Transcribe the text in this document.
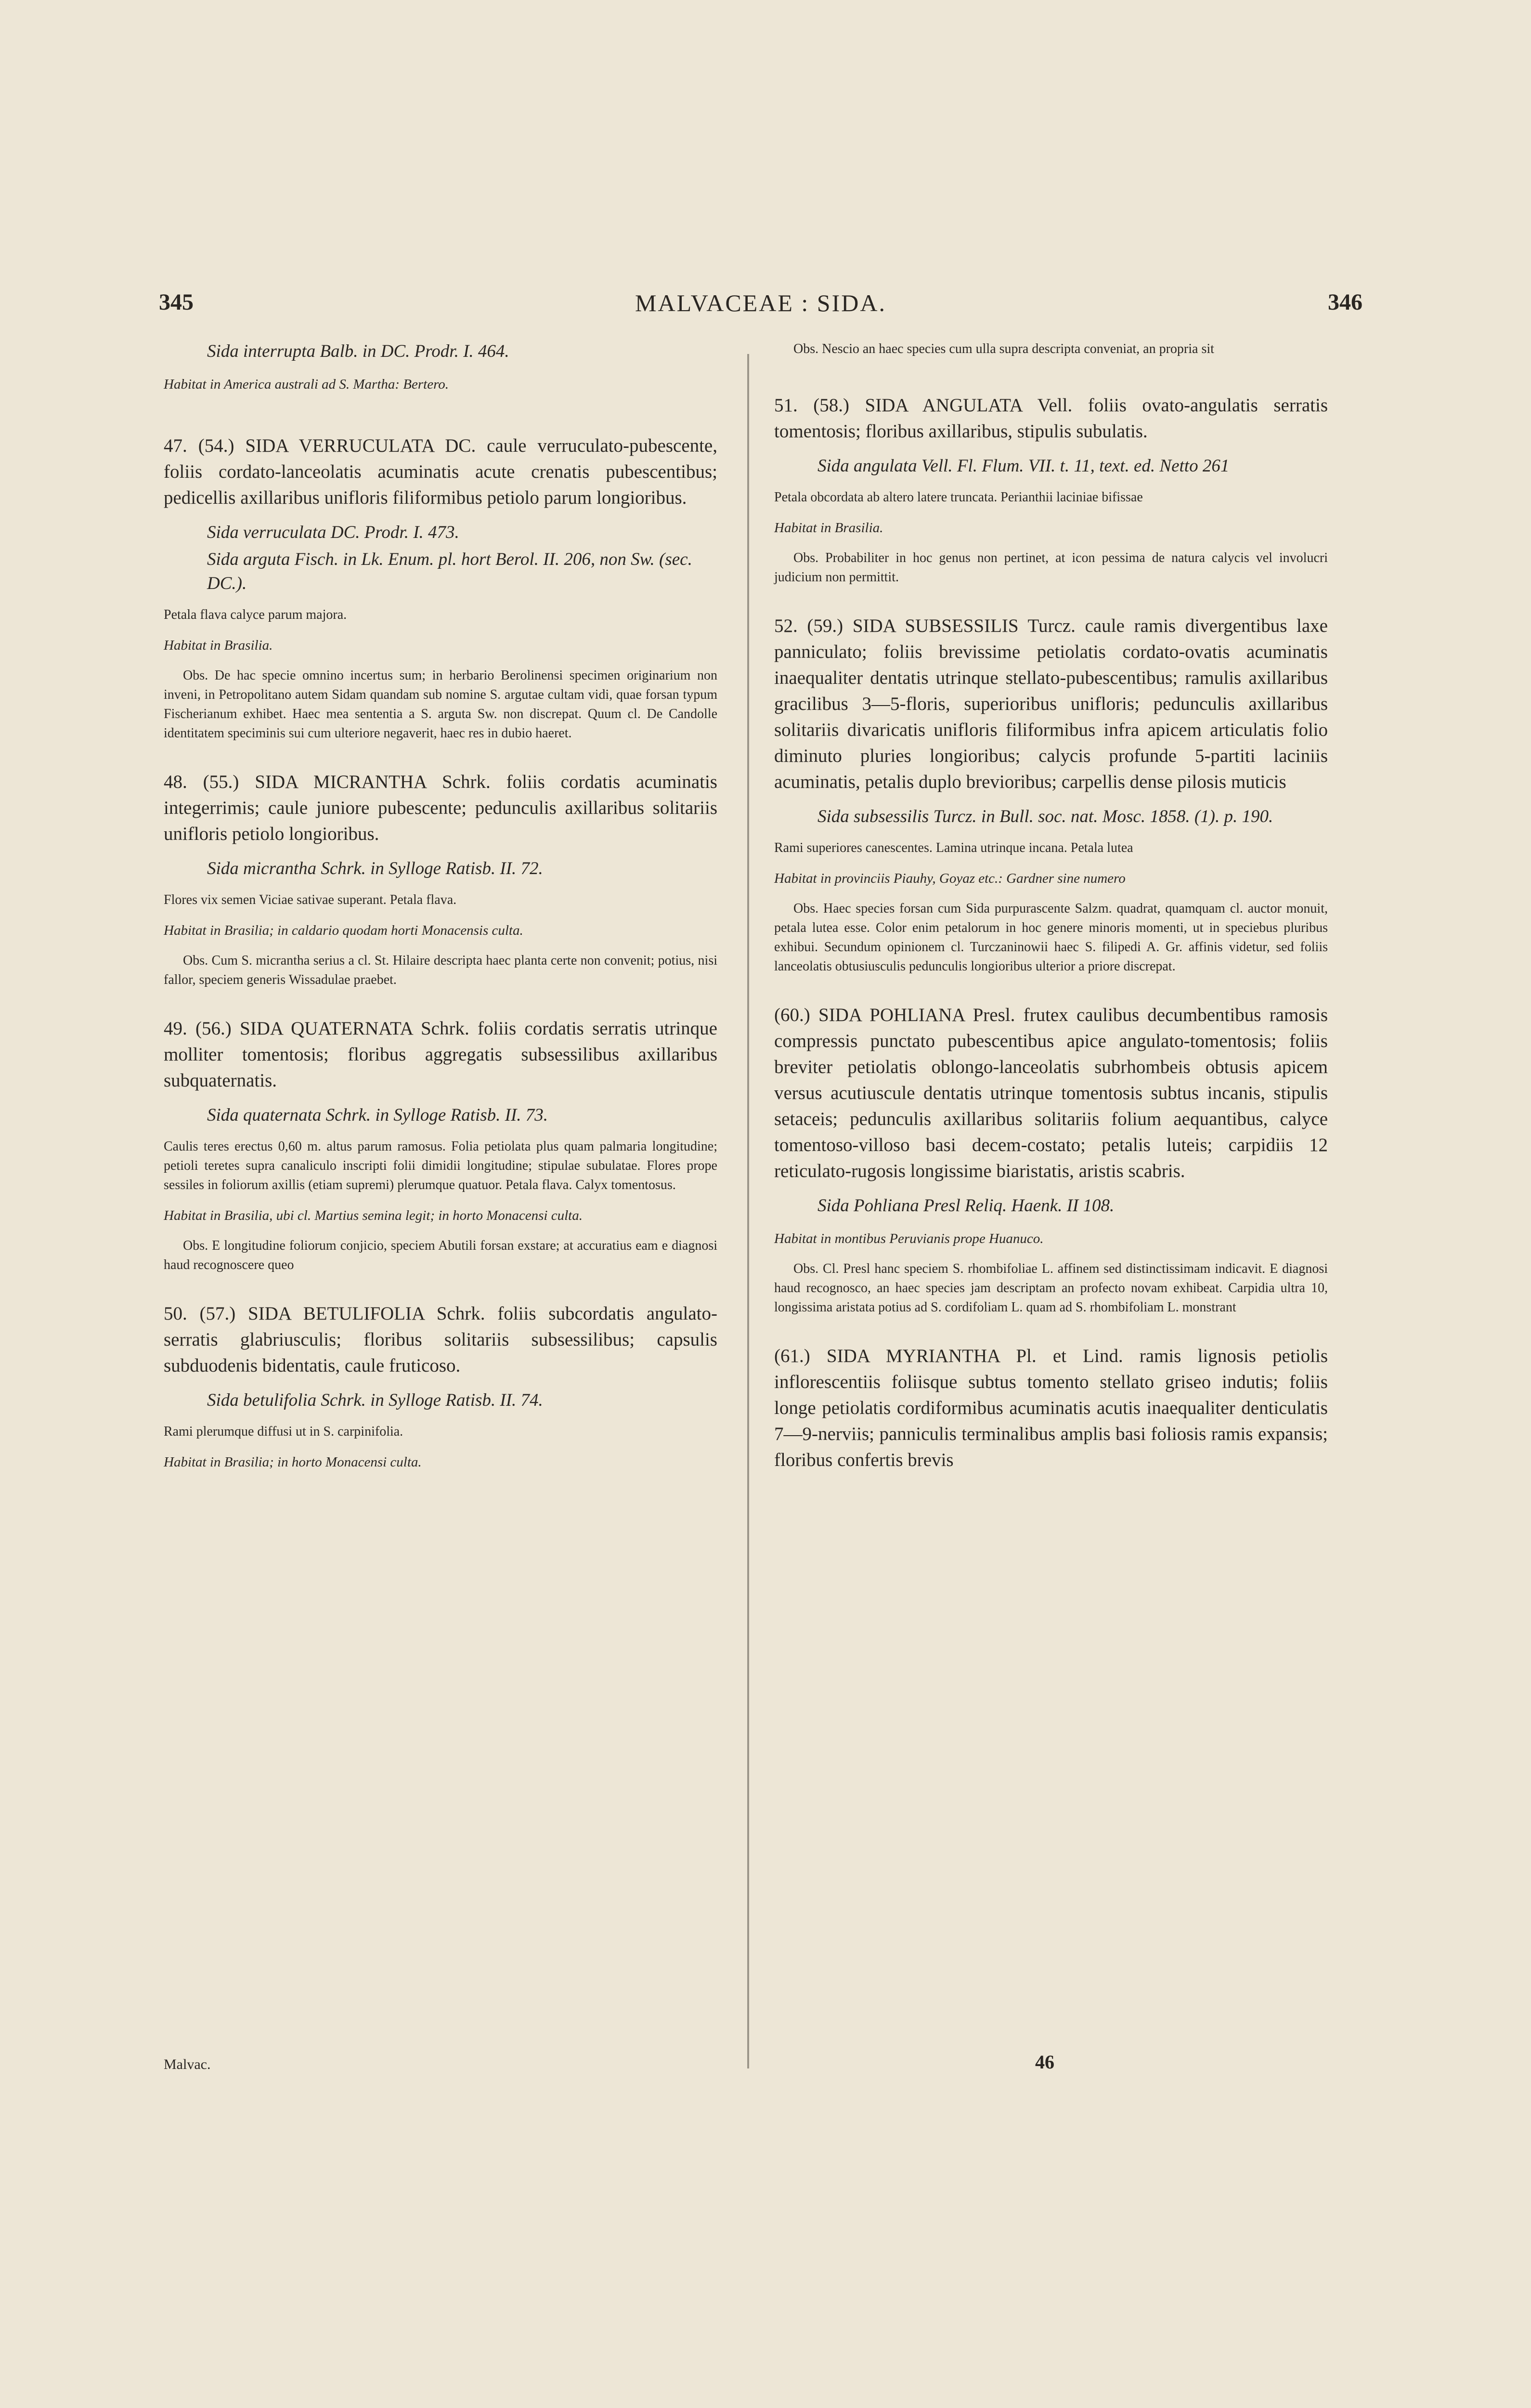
345	MALVACEAE : SIDA.	346

Sida interrupta Balb. in DC. Prodr. I. 464.

Habitat in America australi ad S. Martha: Bertero.

47. (54.) SIDA VERRUCULATA DC. caule verruculato-pubescente, foliis cordato-lanceolatis acuminatis acute crenatis pubescentibus; pedicellis axillaribus unifloris filiformibus petiolo parum longioribus.

Sida verruculata DC. Prodr. I. 473.

Sida arguta Fisch. in Lk. Enum. pl. hort Berol. II. 206, non Sw. (sec. DC.).

Petala flava calyce parum majora.

Habitat in Brasilia.

Obs. De hac specie omnino incertus sum; in herbario Berolinensi specimen originarium non inveni, in Petropolitano autem Sidam quandam sub nomine S. argutae cultam vidi, quae forsan typum Fischerianum exhibet. Haec mea sententia a S. arguta Sw. non discrepat. Quum cl. De Candolle identitatem speciminis sui cum ulteriore negaverit, haec res in dubio haeret.

48. (55.) SIDA MICRANTHA Schrk. foliis cordatis acuminatis integerrimis; caule juniore pubescente; pedunculis axillaribus solitariis unifloris petiolo longioribus.

Sida micrantha Schrk. in Sylloge Ratisb. II. 72.

Flores vix semen Viciae sativae superant. Petala flava.

Habitat in Brasilia; in caldario quodam horti Monacensis culta.

Obs. Cum S. micrantha serius a cl. St. Hilaire descripta haec planta certe non convenit; potius, nisi fallor, speciem generis Wissadulae praebet.

49. (56.) SIDA QUATERNATA Schrk. foliis cordatis serratis utrinque molliter tomentosis; floribus aggregatis subsessilibus axillaribus subquaternatis.

Sida quaternata Schrk. in Sylloge Ratisb. II. 73.

Caulis teres erectus 0,60 m. altus parum ramosus. Folia petiolata plus quam palmaria longitudine; petioli teretes supra canaliculo inscripti folii dimidii longitudine; stipulae subulatae. Flores prope sessiles in foliorum axillis (etiam supremi) plerumque quatuor. Petala flava. Calyx tomentosus.

Habitat in Brasilia, ubi cl. Martius semina legit; in horto Monacensi culta.

Obs. E longitudine foliorum conjicio, speciem Abutili forsan exstare; at accuratius eam e diagnosi haud recognoscere queo

50. (57.) SIDA BETULIFOLIA Schrk. foliis subcordatis angulato-serratis glabriusculis; floribus solitariis subsessilibus; capsulis subduodenis bidentatis, caule fruticoso.

Sida betulifolia Schrk. in Sylloge Ratisb. II. 74.

Rami plerumque diffusi ut in S. carpinifolia.

Habitat in Brasilia; in horto Monacensi culta.

Obs. Nescio an haec species cum ulla supra descripta conveniat, an propria sit

51. (58.) SIDA ANGULATA Vell. foliis ovato-angulatis serratis tomentosis; floribus axillaribus, stipulis subulatis.

Sida angulata Vell. Fl. Flum. VII. t. 11, text. ed. Netto 261

Petala obcordata ab altero latere truncata. Perianthii laciniae bifissae

Habitat in Brasilia.

Obs. Probabiliter in hoc genus non pertinet, at icon pessima de natura calycis vel involucri judicium non permittit.

52. (59.) SIDA SUBSESSILIS Turcz. caule ramis divergentibus laxe panniculato; foliis brevissime petiolatis cordato-ovatis acuminatis inaequaliter dentatis utrinque stellato-pubescentibus; ramulis axillaribus gracilibus 3—5-floris, superioribus unifloris; pedunculis axillaribus solitariis divaricatis unifloris filiformibus infra apicem articulatis folio diminuto pluries longioribus; calycis profunde 5-partiti laciniis acuminatis, petalis duplo brevioribus; carpellis dense pilosis muticis

Sida subsessilis Turcz. in Bull. soc. nat. Mosc. 1858. (1). p. 190.

Rami superiores canescentes. Lamina utrinque incana. Petala lutea

Habitat in provinciis Piauhy, Goyaz etc.: Gardner sine numero

Obs. Haec species forsan cum Sida purpurascente Salzm. quadrat, quamquam cl. auctor monuit, petala lutea esse. Color enim petalorum in hoc genere minoris momenti, ut in speciebus pluribus exhibui. Secundum opinionem cl. Turczaninowii haec S. filipedi A. Gr. affinis videtur, sed foliis lanceolatis obtusiusculis pedunculis longioribus ulterior a priore discrepat.

(60.) SIDA POHLIANA Presl. frutex caulibus decumbentibus ramosis compressis punctato pubescentibus apice angulato-tomentosis; foliis breviter petiolatis oblongo-lanceolatis subrhombeis obtusis apicem versus acutiuscule dentatis utrinque tomentosis subtus incanis, stipulis setaceis; pedunculis axillaribus solitariis folium aequantibus, calyce tomentoso-villoso basi decem-costato; petalis luteis; carpidiis 12 reticulato-rugosis longissime biaristatis, aristis scabris.

Sida Pohliana Presl Reliq. Haenk. II 108.

Habitat in montibus Peruvianis prope Huanuco.

Obs. Cl. Presl hanc speciem S. rhombifoliae L. affinem sed distinctissimam indicavit. E diagnosi haud recognosco, an haec species jam descriptam an profecto novam exhibeat. Carpidia ultra 10, longissima aristata potius ad S. cordifoliam L. quam ad S. rhombifoliam L. monstrant

(61.) SIDA MYRIANTHA Pl. et Lind. ramis lignosis petiolis inflorescentiis foliisque subtus tomento stellato griseo indutis; foliis longe petiolatis cordiformibus acuminatis acutis inaequaliter denticulatis 7—9-nerviis; panniculis terminalibus amplis basi foliosis ramis expansis; floribus confertis brevis

Malvac.	46
